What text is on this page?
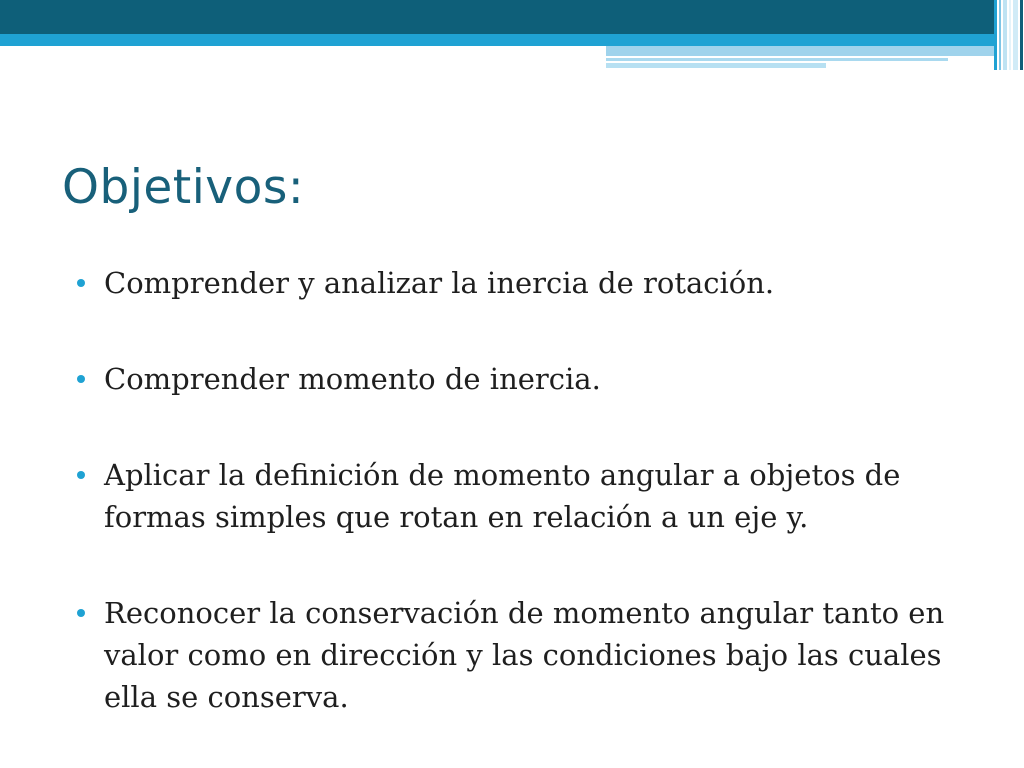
Objetivos:
Comprender y analizar la inercia de rotación.
Comprender momento de inercia.
Aplicar la definición de momento angular a objetos de formas simples que rotan en relación a un eje y.
Reconocer la conservación de momento angular tanto en valor como en dirección y las condiciones bajo las cuales ella se conserva.
